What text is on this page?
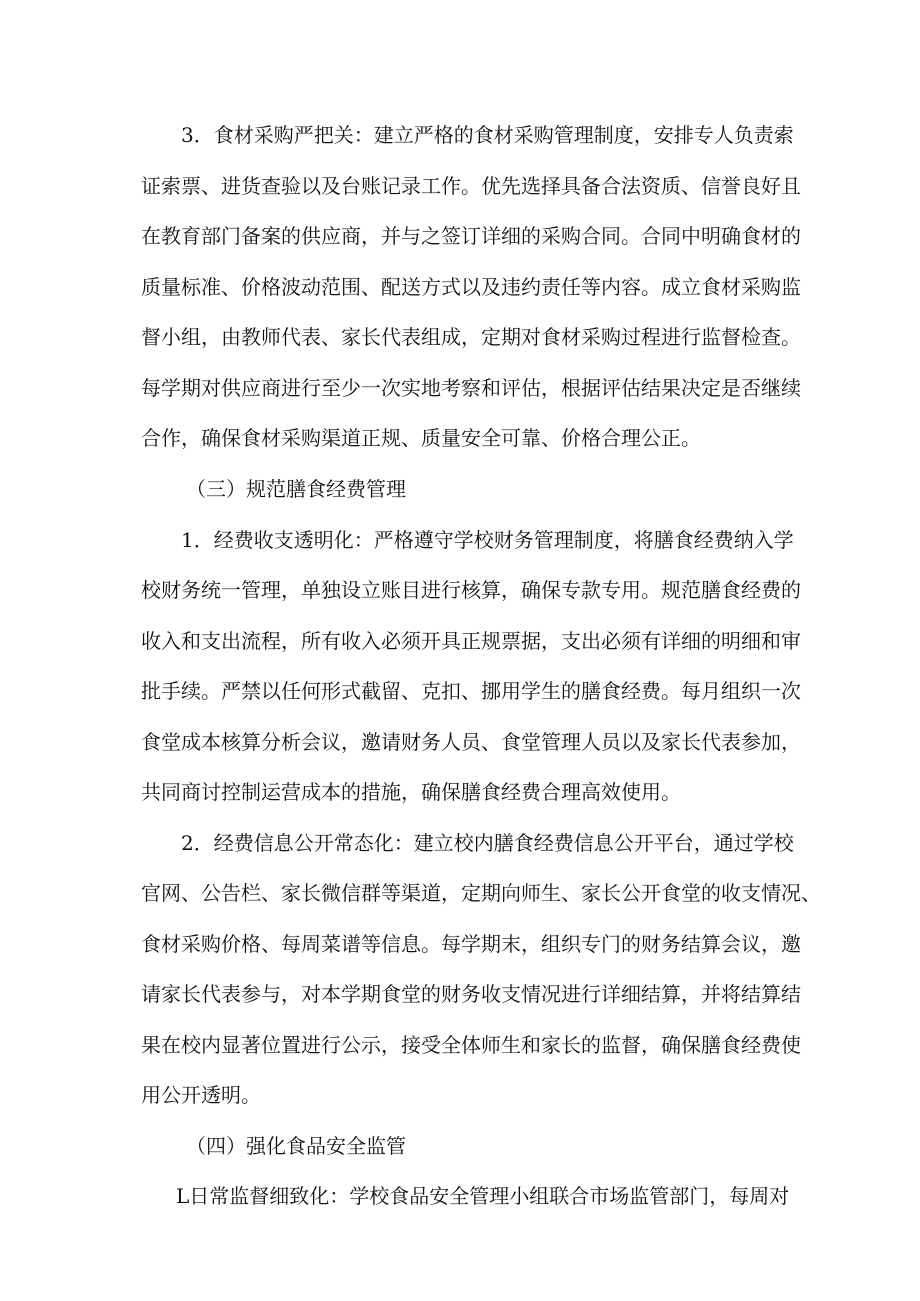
3．食材采购严把关：建立严格的食材采购管理制度，安排专人负责索
证索票、进货查验以及台账记录工作。优先选择具备合法资质、信誉良好且
在教育部门备案的供应商，并与之签订详细的采购合同。合同中明确食材的
质量标准、价格波动范围、配送方式以及违约责任等内容。成立食材采购监
督小组，由教师代表、家长代表组成，定期对食材采购过程进行监督检查。
每学期对供应商进行至少一次实地考察和评估，根据评估结果决定是否继续
合作，确保食材采购渠道正规、质量安全可靠、价格合理公正。
（三）规范膳食经费管理
1．经费收支透明化：严格遵守学校财务管理制度，将膳食经费纳入学
校财务统一管理，单独设立账目进行核算，确保专款专用。规范膳食经费的
收入和支出流程，所有收入必须开具正规票据，支出必须有详细的明细和审
批手续。严禁以任何形式截留、克扣、挪用学生的膳食经费。每月组织一次
食堂成本核算分析会议，邀请财务人员、食堂管理人员以及家长代表参加，
共同商讨控制运营成本的措施，确保膳食经费合理高效使用。
2．经费信息公开常态化：建立校内膳食经费信息公开平台，通过学校
官网、公告栏、家长微信群等渠道，定期向师生、家长公开食堂的收支情况、
食材采购价格、每周菜谱等信息。每学期末，组织专门的财务结算会议，邀
请家长代表参与，对本学期食堂的财务收支情况进行详细结算，并将结算结
果在校内显著位置进行公示，接受全体师生和家长的监督，确保膳食经费使
用公开透明。
（四）强化食品安全监管
L日常监督细致化：学校食品安全管理小组联合市场监管部门，每周对
